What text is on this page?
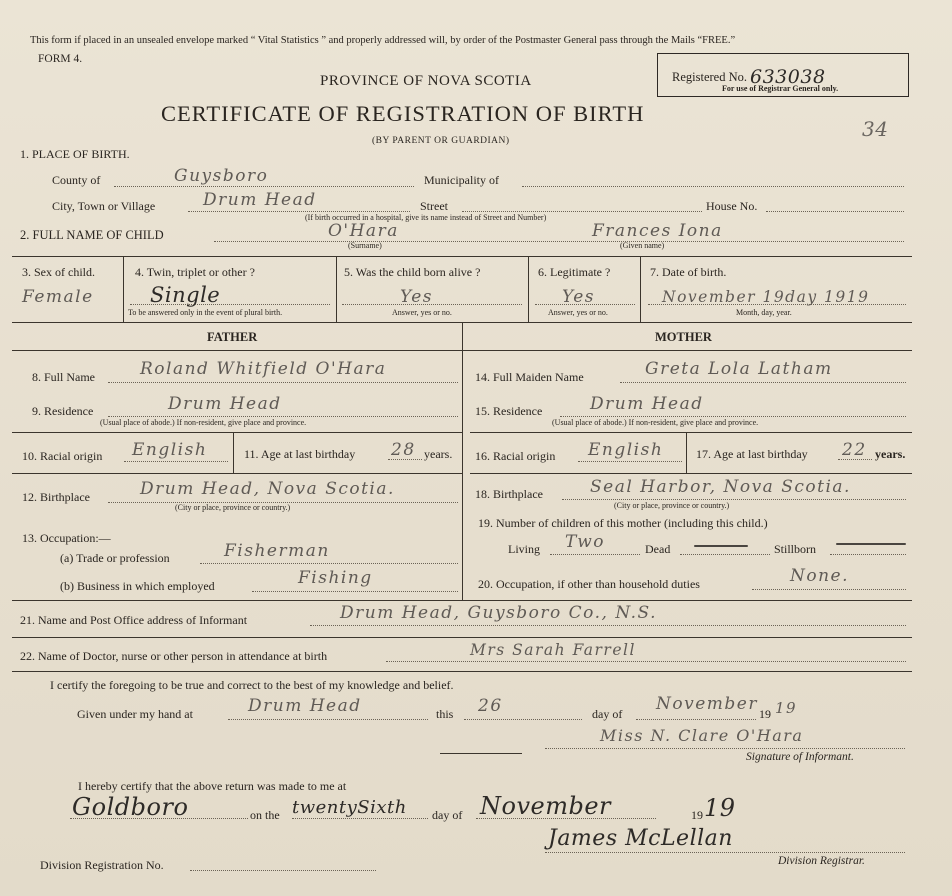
This form if placed in an unsealed envelope marked “ Vital Statistics ” and properly addressed will, by order of the Postmaster General pass through the Mails “FREE.”
FORM 4.
PROVINCE OF NOVA SCOTIA
CERTIFICATE OF REGISTRATION OF BIRTH
(BY PARENT OR GUARDIAN)
Registered No. 633038
For use of Registrar General only.
34
1. PLACE OF BIRTH.
County of	Guysboro	Municipality of
City, Town or Village	Drum Head	Street	House No.
(If birth occurred in a hospital, give its name instead of Street and Number)
2. FULL NAME OF CHILD	O'Hara
(Surname)
Frances Iona
(Given name)
3. Sex of child.
Female
4. Twin, triplet or other ?
Single
To be answered only in the event of plural birth.
5. Was the child born alive ?
Yes
Answer, yes or no.
6. Legitimate ?
Yes
Answer, yes or no.
7. Date of birth.
November 19day 1919
Month, day, year.
FATHER	MOTHER
8. Full Name	Roland Whitfield O'Hara
9. Residence	Drum Head
(Usual place of abode.) If non-resident, give place and province.
10. Racial origin English	11. Age at last birthday 28 years.
12. Birthplace	Drum Head, Nova Scotia.
(City or place, province or country.)
13. Occupation:—
(a) Trade or profession	Fisherman
(b) Business in which employed	Fishing
14. Full Maiden Name	Greta Lola Latham
15. Residence	Drum Head
(Usual place of abode.) If non-resident, give place and province.
16. Racial origin English	17. Age at last birthday 22 years.
18. Birthplace	Seal Harbor, Nova Scotia.
(City or place, province or country.)
19. Number of children of this mother (including this child.)
Living Two	Dead	Stillborn
20. Occupation, if other than household duties	None.
21. Name and Post Office address of Informant	Drum Head, Guysboro Co., N.S.
22. Name of Doctor, nurse or other person in attendance at birth	Mrs Sarah Farrell
I certify the foregoing to be true and correct to the best of my knowledge and belief.
Given under my hand at	Drum Head	this 26	day of November 19 19
Miss N. Clare O'Hara
Signature of Informant.
I hereby certify that the above return was made to me at
Goldboro	on the twentySixth day of November	19 19
James McLellan
Division Registrar.
Division Registration No.
